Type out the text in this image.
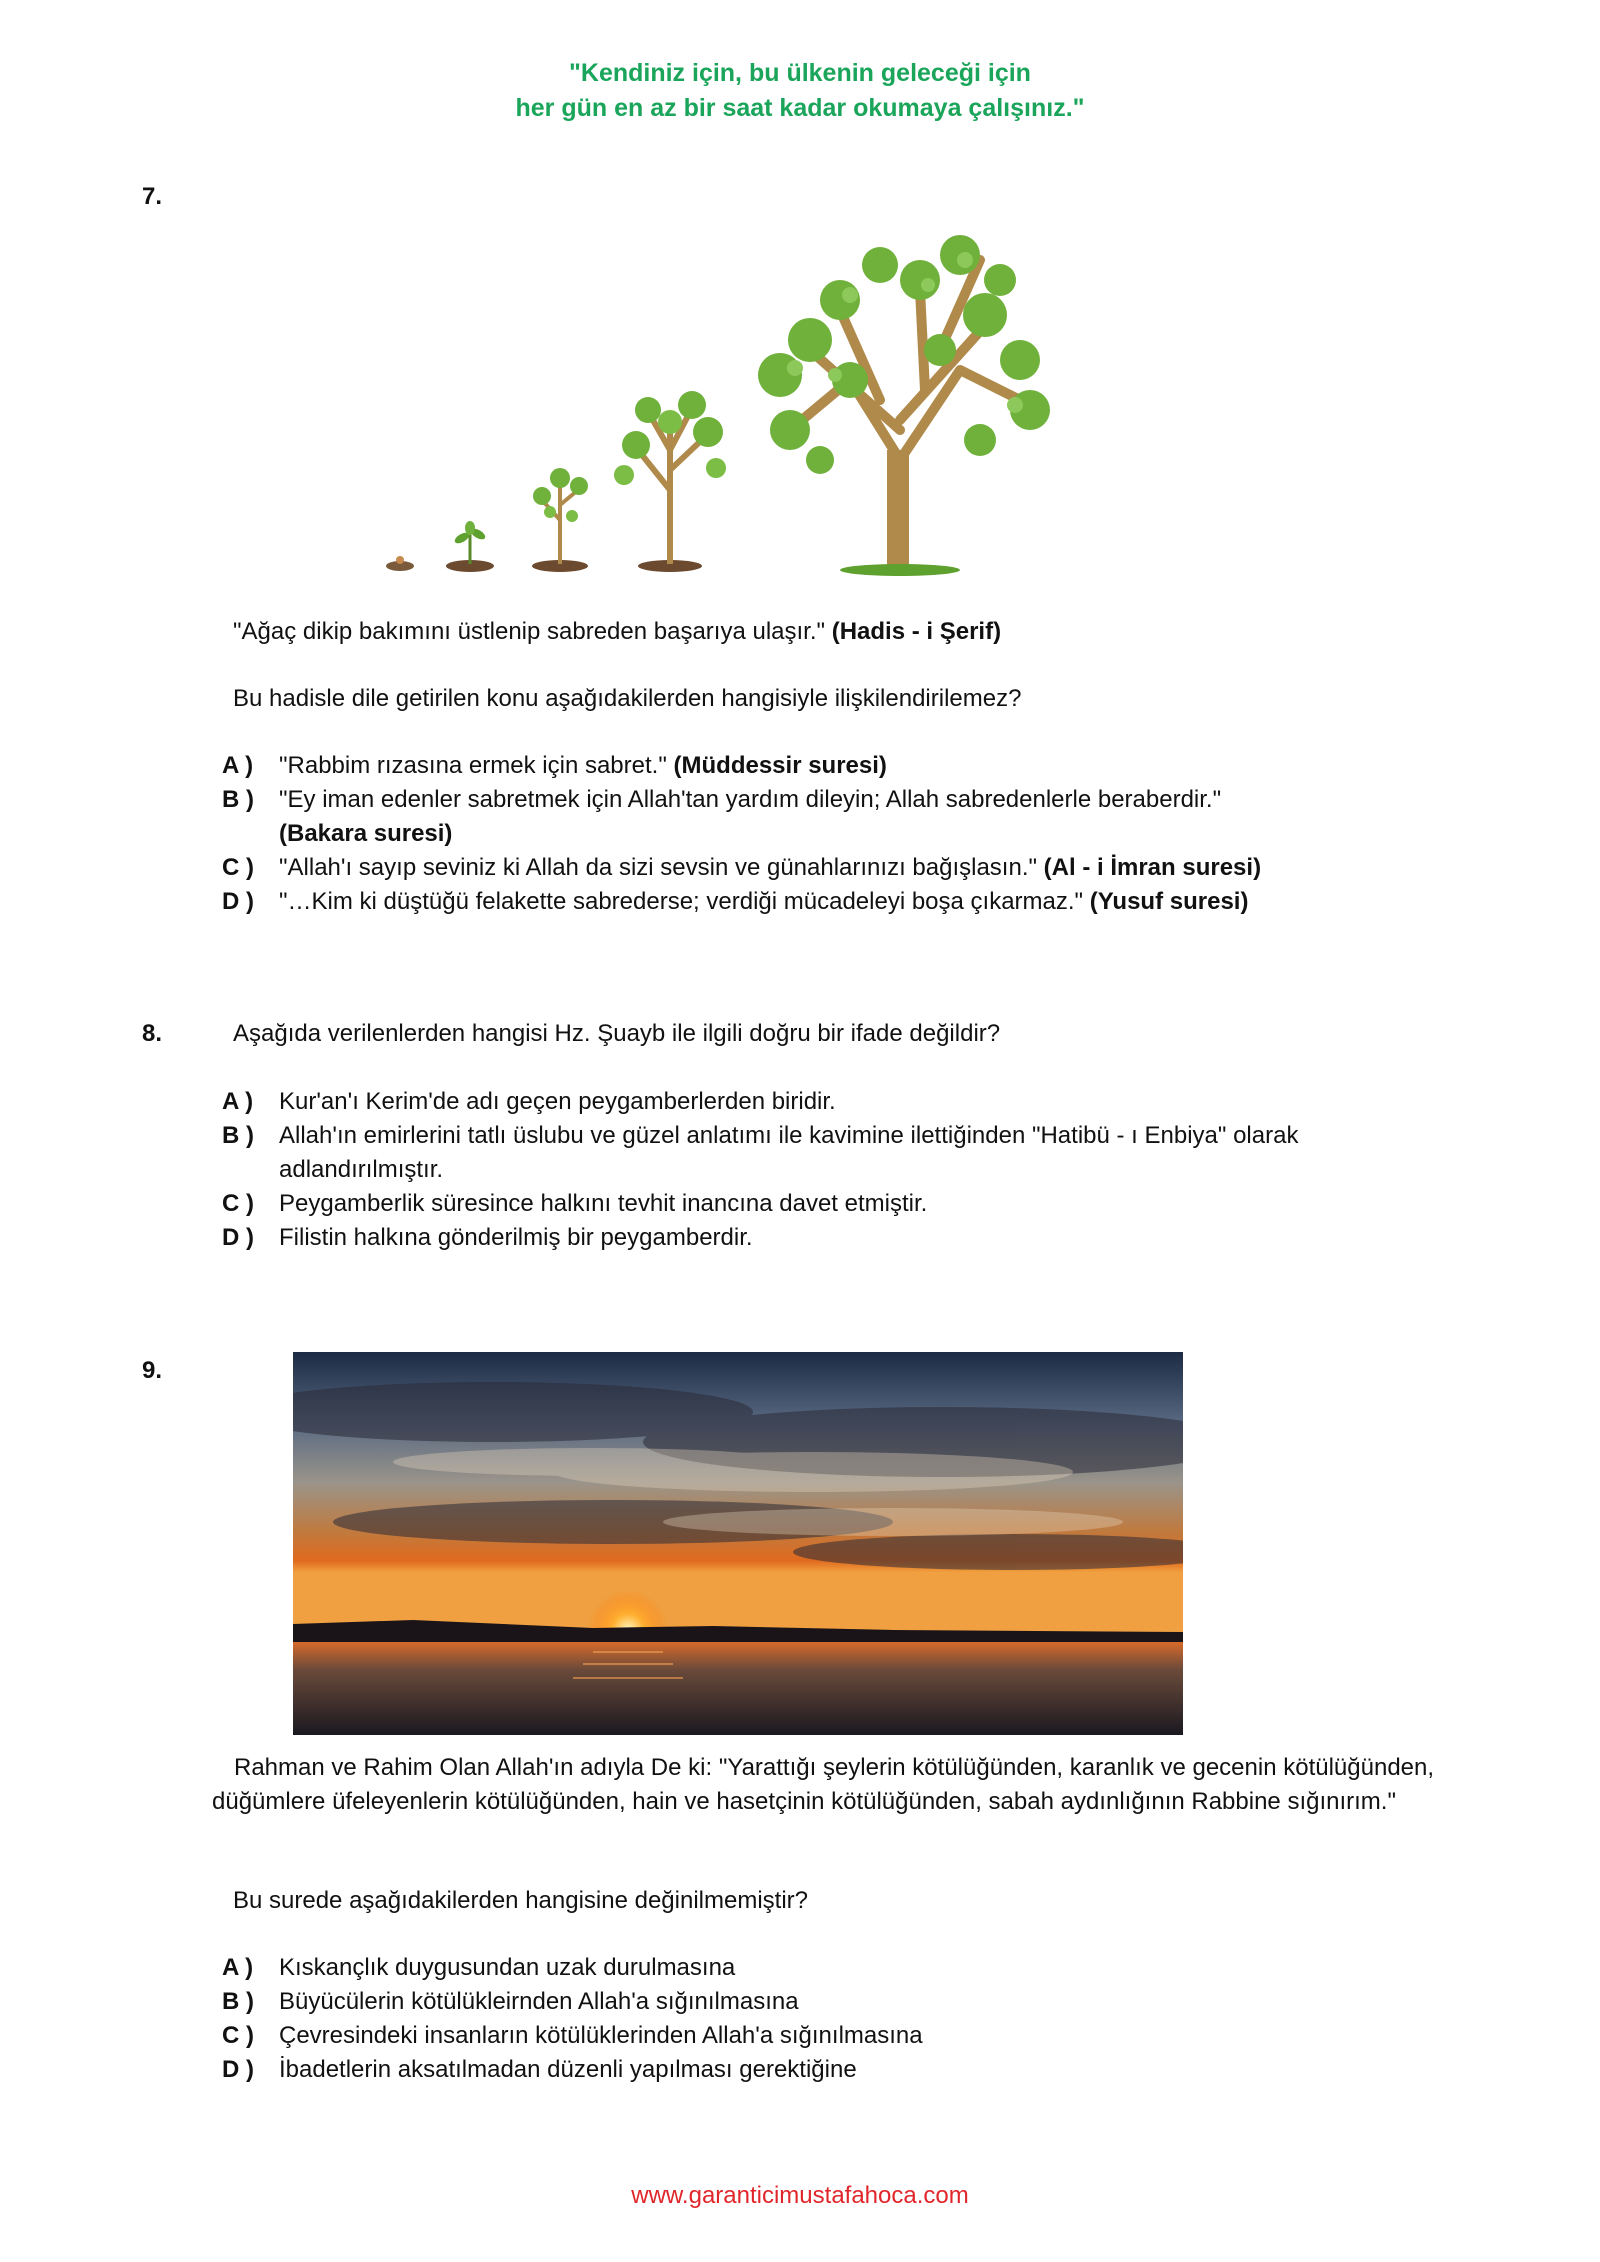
"Kendiniz için, bu ülkenin geleceği için
her gün en az bir saat kadar okumaya çalışınız."
7.
"Ağaç dikip bakımını üstlenip sabreden başarıya ulaşır." (Hadis - i Şerif)
Bu hadisle dile getirilen konu aşağıdakilerden hangisiyle ilişkilendirilemez?
A ) "Rabbim rızasına ermek için sabret." (Müddessir suresi)
B ) "Ey iman edenler sabretmek için Allah'tan yardım dileyin; Allah sabredenlerle beraberdir."
(Bakara suresi)
C ) "Allah'ı sayıp seviniz ki Allah da sizi sevsin ve günahlarınızı bağışlasın." (Al - i İmran suresi)
D ) "…Kim ki düştüğü felakette sabrederse; verdiği mücadeleyi boşa çıkarmaz." (Yusuf suresi)
8.	Aşağıda verilenlerden hangisi Hz. Şuayb ile ilgili doğru bir ifade değildir?
A ) Kur'an'ı Kerim'de adı geçen peygamberlerden biridir.
B ) Allah'ın emirlerini tatlı üslubu ve güzel anlatımı ile kavimine ilettiğinden "Hatibü - ı Enbiya" olarak adlandırılmıştır.
C ) Peygamberlik süresince halkını tevhit inancına davet etmiştir.
D ) Filistin halkına gönderilmiş bir peygamberdir.
9.
Rahman ve Rahim Olan Allah'ın adıyla De ki: "Yarattığı şeylerin kötülüğünden, karanlık ve gecenin kötülüğünden, düğümlere üfeleyenlerin kötülüğünden, hain ve hasetçinin kötülüğünden, sabah aydınlığının Rabbine sığınırım."
Bu surede aşağıdakilerden hangisine değinilmemiştir?
A ) Kıskançlık duygusundan uzak durulmasına
B ) Büyücülerin kötülükleirnden Allah'a sığınılmasına
C ) Çevresindeki insanların kötülüklerinden Allah'a sığınılmasına
D ) İbadetlerin aksatılmadan düzenli yapılması gerektiğine
www.garanticimustafahoca.com
